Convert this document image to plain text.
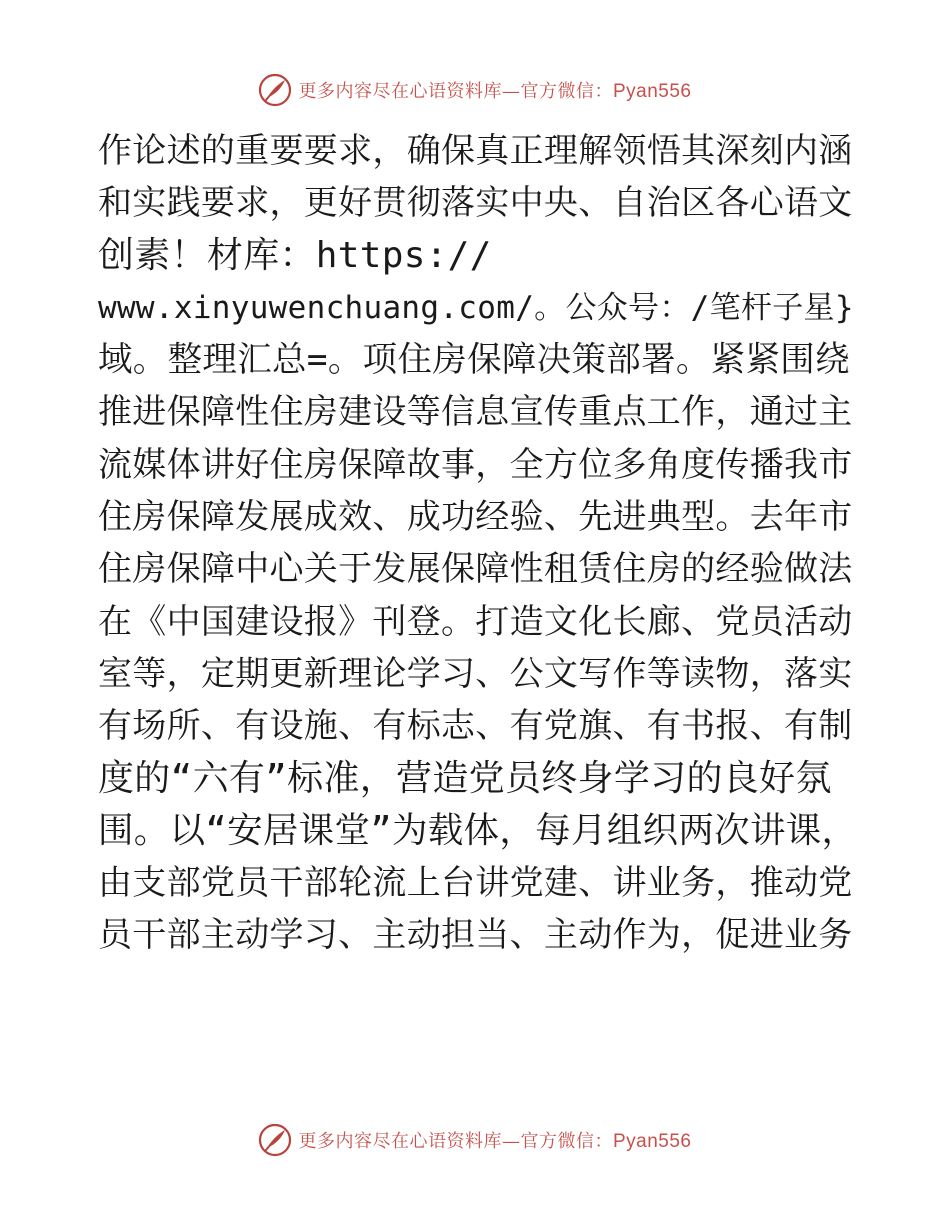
更多内容尽在心语资料库—官方微信：Pyan556
作论述的重要要求，确保真正理解领悟其深刻内涵
和实践要求，更好贯彻落实中央、自治区各心语文
创素！材库：https://
www.xinyuwenchuang.com/。公众号：/笔杆子星}
域。整理汇总=。项住房保障决策部署。紧紧围绕
推进保障性住房建设等信息宣传重点工作，通过主
流媒体讲好住房保障故事，全方位多角度传播我市
住房保障发展成效、成功经验、先进典型。去年市
住房保障中心关于发展保障性租赁住房的经验做法
在《中国建设报》刊登。打造文化长廊、党员活动
室等，定期更新理论学习、公文写作等读物，落实
有场所、有设施、有标志、有党旗、有书报、有制
度的“六有”标准，营造党员终身学习的良好氛
围。以“安居课堂”为载体，每月组织两次讲课，
由支部党员干部轮流上台讲党建、讲业务，推动党
员干部主动学习、主动担当、主动作为，促进业务
更多内容尽在心语资料库—官方微信：Pyan556
